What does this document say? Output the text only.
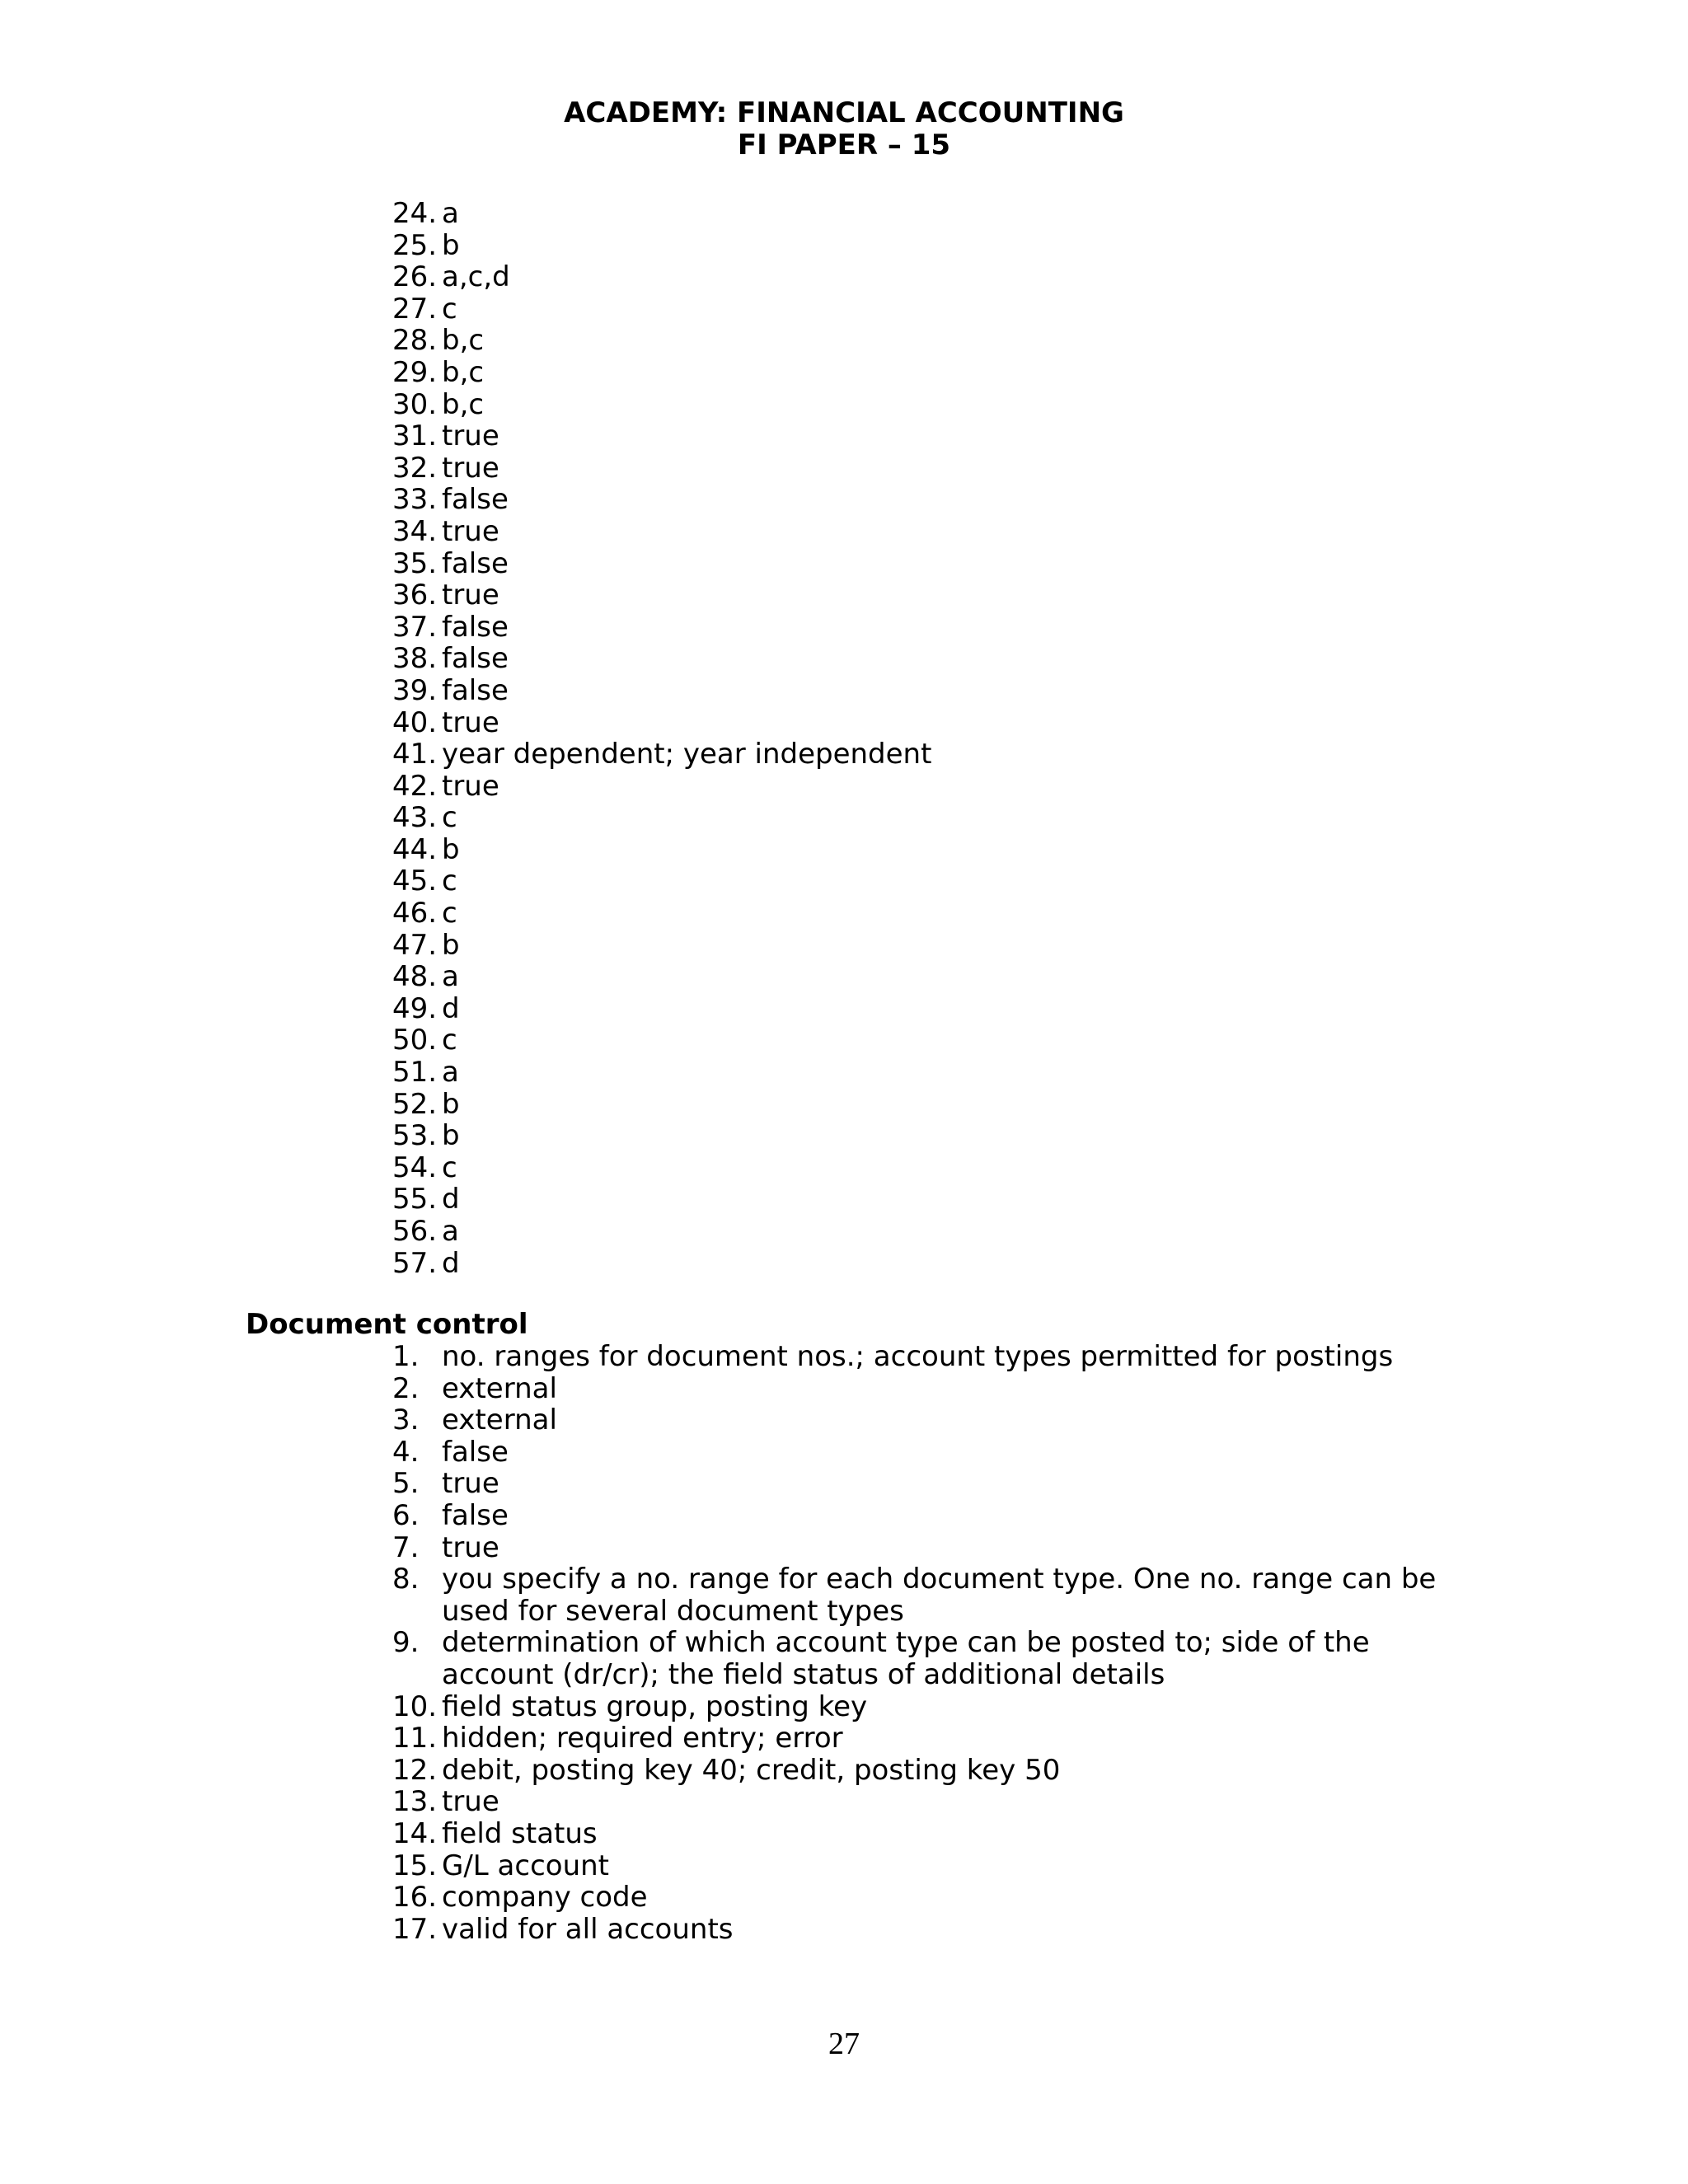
ACADEMY: FINANCIAL ACCOUNTING
FI PAPER – 15
24. a
25. b
26. a,c,d
27. c
28. b,c
29. b,c
30. b,c
31. true
32. true
33. false
34. true
35. false
36. true
37. false
38. false
39. false
40. true
41. year dependent; year independent
42. true
43. c
44. b
45. c
46. c
47. b
48. a
49. d
50. c
51. a
52. b
53. b
54. c
55. d
56. a
57. d
Document control
1. no. ranges for document nos.; account types permitted for postings
2. external
3. external
4. false
5. true
6. false
7. true
8. you specify a no. range for each document type. One no. range can be used for several document types
9. determination of which account type can be posted to; side of the account (dr/cr); the field status of additional details
10. field status group, posting key
11. hidden; required entry; error
12. debit, posting key 40; credit, posting key 50
13. true
14. field status
15. G/L account
16. company code
17. valid for all accounts
27
